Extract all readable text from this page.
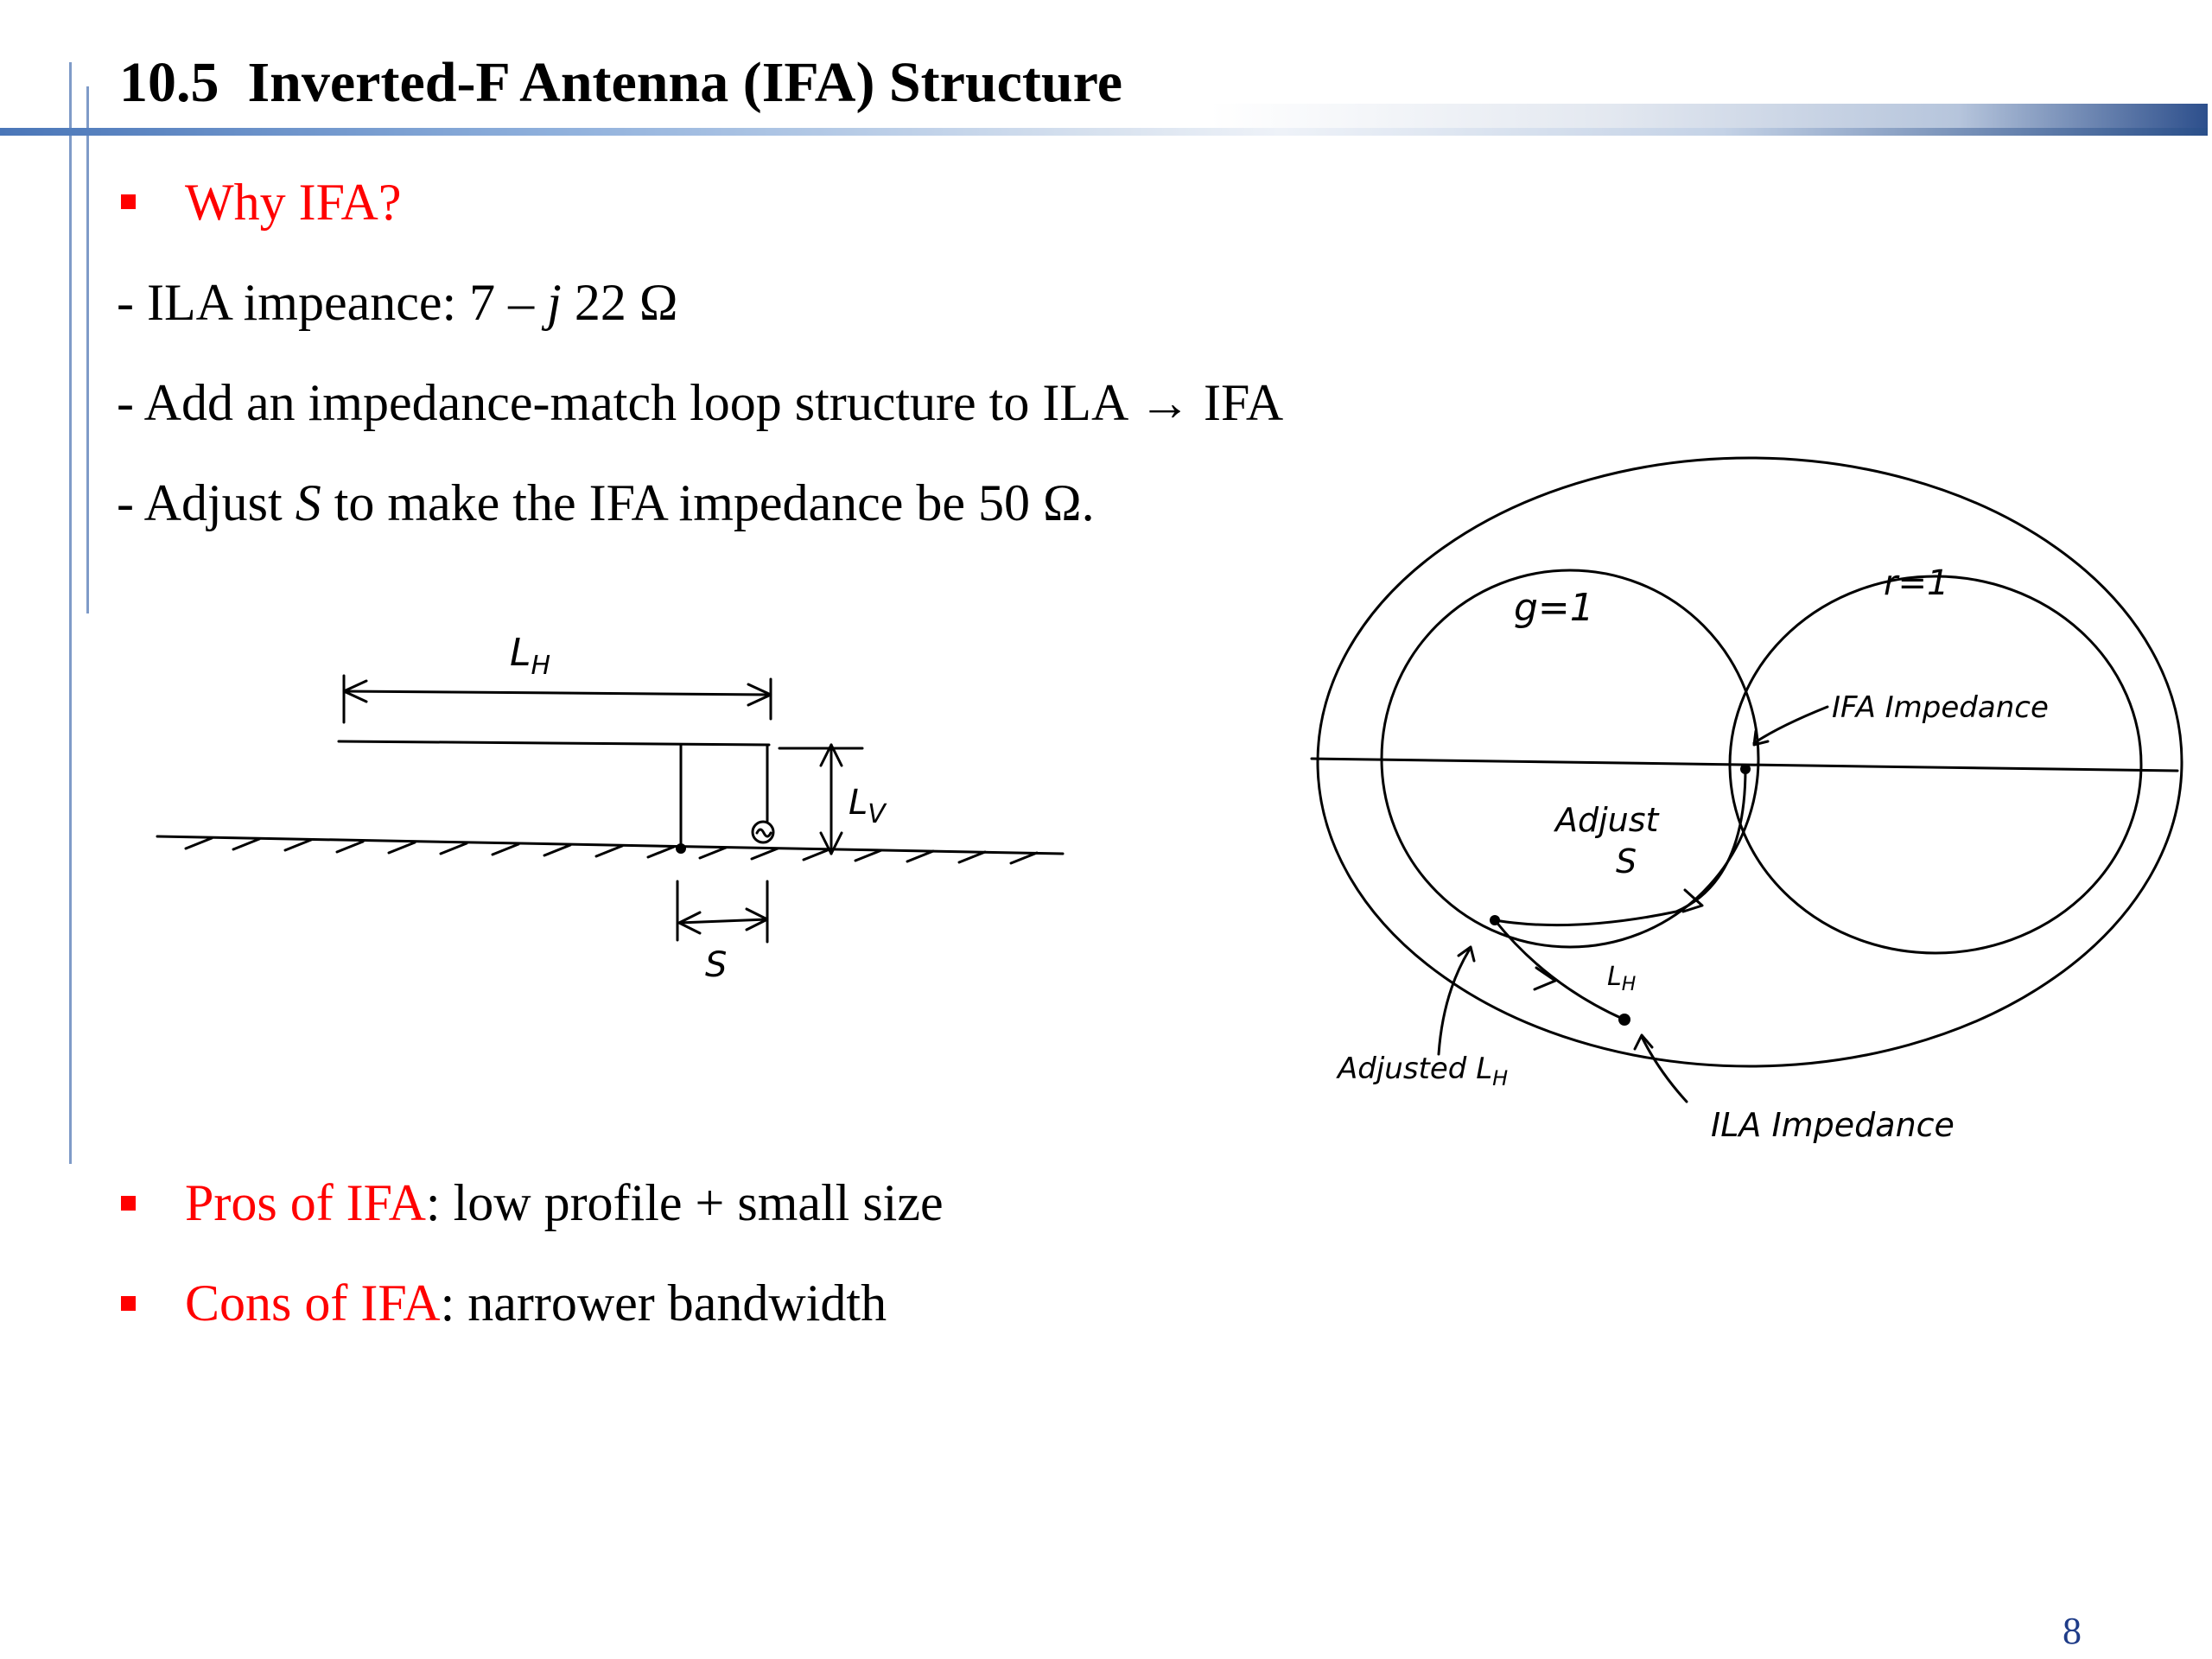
10.5  Inverted-F Antenna (IFA) Structure
Why IFA?
- ILA impeance: 7 – j 22 Ω
- Add an impedance-match loop structure to ILA → IFA
- Adjust S to make the IFA impedance be 50 Ω.
$L_H$
$L_V$
S
g=1
r=1
IFA Impedance
Adjust
S
$L_H$
Adjusted $L_H$
ILA Impedance
Pros of IFA: low profile + small size
Cons of IFA: narrower bandwidth
8
